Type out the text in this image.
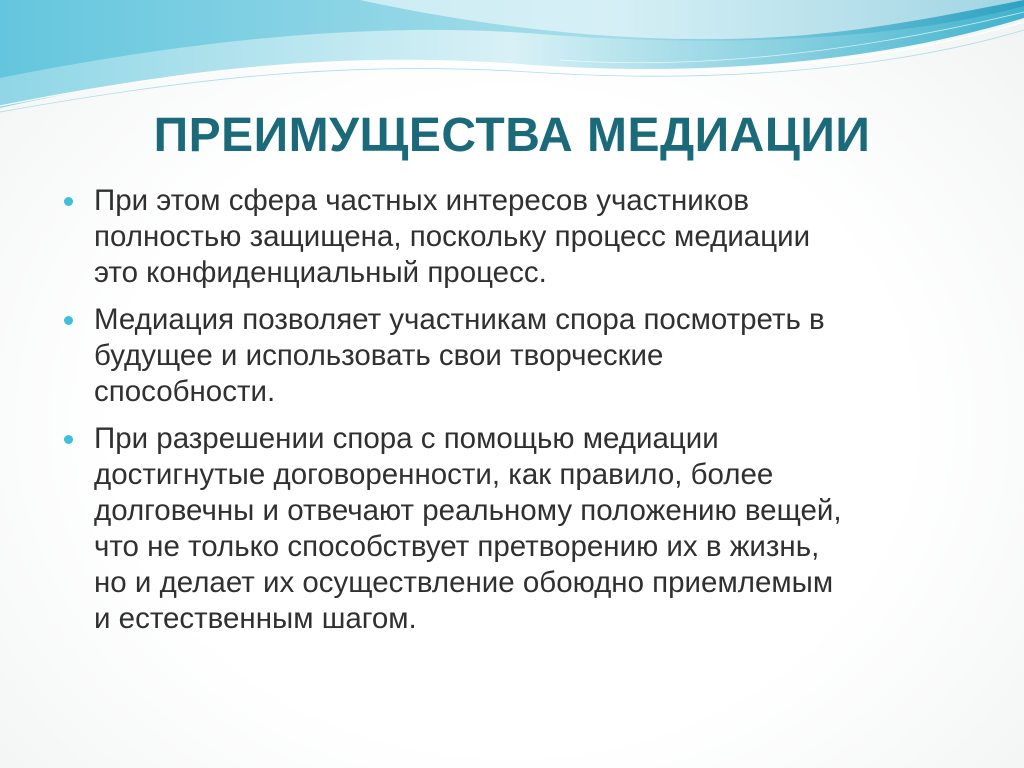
ПРЕИМУЩЕСТВА МЕДИАЦИИ
При этом сфера частных интересов участников
полностью защищена, поскольку процесс медиации
это конфиденциальный процесс.
Медиация позволяет участникам спора посмотреть в
будущее и использовать свои творческие
способности.
При разрешении спора с помощью медиации
достигнутые договоренности, как правило, более
долговечны и отвечают реальному положению вещей,
что не только способствует претворению их в жизнь,
но и делает их осуществление обоюдно приемлемым
и естественным шагом.
